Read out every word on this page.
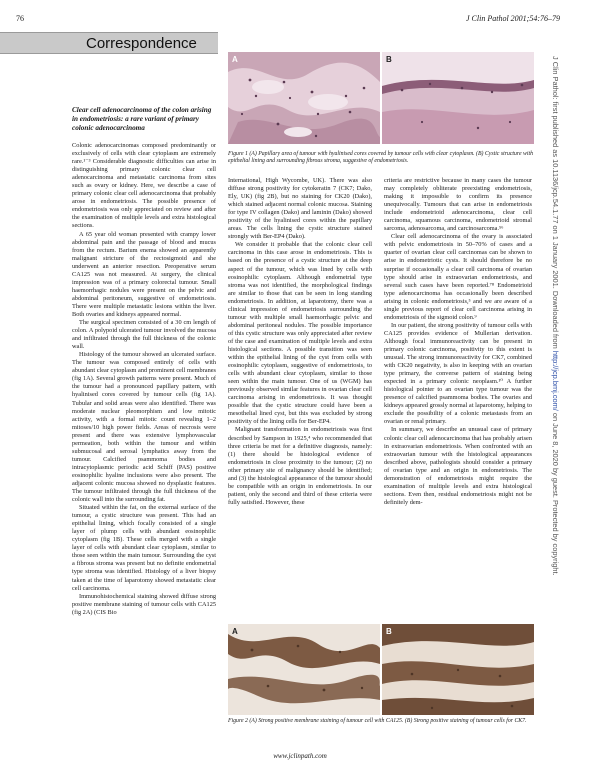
76	J Clin Pathol 2001;54:76–79
Correspondence
Clear cell adenocarcinoma of the colon arising in endometriosis: a rare variant of primary colonic adenocarcinoma
A	B
Figure 1 (A) Papillary area of tumour with hyalinised cores covered by tumour cells with clear cytoplasm. (B) Cystic structure with epithelial lining and surrounding fibrous stroma, suggestive of endometriosis.

Colonic adenocarcinomas composed predominantly or exclusively of cells with clear cytoplasm are extremely rare.¹⁻³ Considerable diagnostic difficulties can arise in distinguishing primary colonic clear cell adenocarcinoma and metastatic carcinoma from sites such as ovary or kidney. Here, we describe a case of primary colonic clear cell adenocarcinoma that probably arose in endometriosis. The possible presence of endometriosis was only appreciated on review and after the examination of multiple levels and extra histological sections.

A 65 year old woman presented with crampy lower abdominal pain and the passage of blood and mucus from the rectum. Barium enema showed an apparently malignant stricture of the rectosigmoid and she underwent an anterior resection. Preoperative serum CA125 was not measured. At surgery, the clinical impression was of a primary colorectal tumour. Small haemorrhagic nodules were present on the pelvic and abdominal peritoneum, suggestive of endometriosis. There were multiple metastatic lesions within the liver. Both ovaries and kidneys appeared normal.

The surgical specimen consisted of a 30 cm length of colon. A polypoid ulcerated tumour involved the mucosa and infiltrated through the full thickness of the colonic wall.

Histology of the tumour showed an ulcerated surface. The tumour was composed entirely of cells with abundant clear cytoplasm and prominent cell membranes (fig 1A). Several growth patterns were present. Much of the tumour had a pronounced papillary pattern, with hyalinised cores covered by tumour cells (fig 1A). Tubular and solid areas were also identified. There was moderate nuclear pleomorphism and low mitotic activity, with a formal mitotic count revealing 1–2 mitoses/10 high power fields. Areas of necrosis were present and there was extensive lymphovascular permeation, both within the tumour and within submucosal and serosal lymphatics away from the tumour. Calcified psammoma bodies and intracytoplasmic periodic acid Schiff (PAS) positive eosinophilic hyaline inclusions were also present. The adjacent colonic mucosa showed no dysplastic features. The tumour infiltrated through the full thickness of the colonic wall into the surrounding fat.

Situated within the fat, on the external surface of the tumour, a cystic structure was present. This had an epithelial lining, which focally consisted of a single layer of plump cells with abundant eosinophilic cytoplasm (fig 1B). These cells merged with a single layer of cells with abundant clear cytoplasm, similar to those seen within the main tumour. Surrounding the cyst a fibrous stroma was present but no definite endometrial type stroma was identified. Histology of a liver biopsy taken at the time of laparotomy showed metastatic clear cell carcinoma.

Immunohistochemical staining showed diffuse strong positive membrane staining of tumour cells with CA125 (fig 2A) (CIS Bio

International, High Wycombe, UK). There was also diffuse strong positivity for cytokeratin 7 (CK7; Dako, Ely, UK) (fig 2B), but no staining for CK20 (Dako), which stained adjacent normal colonic mucosa. Staining for type IV collagen (Dako) and laminin (Dako) showed positivity of the hyalinised cores within the papillary areas. The cells lining the cystic structure stained strongly with Ber-EP4 (Dako).

We consider it probable that the colonic clear cell carcinoma in this case arose in endometriosis. This is based on the presence of a cystic structure at the deep aspect of the tumour, which was lined by cells with eosinophilic cytoplasm. Although endometrial type stroma was not identified, the morphological findings are similar to those that can be seen in long standing endometriosis. In addition, at laparotomy, there was a clinical impression of endometriosis surrounding the tumour with multiple small haemorrhagic pelvic and abdominal peritoneal nodules. The possible importance of this cystic structure was only appreciated after review of the case and examination of multiple levels and extra histological sections. A possible transition was seen within the epithelial lining of the cyst from cells with eosinophilic cytoplasm, suggestive of endometriosis, to cells with abundant clear cytoplasm, similar to those seen within the main tumour. One of us (WGM) has previously observed similar features in ovarian clear cell carcinoma arising in endometriosis. It was thought possible that the cystic structure could have been a mesothelial lined cyst, but this was excluded by strong positivity of the lining cells for Ber-EP4.

Malignant transformation in endometriosis was first described by Sampson in 1925,⁴ who recommended that three criteria be met for a definitive diagnosis, namely: (1) there should be histological evidence of endometriosis in close proximity to the tumour; (2) no other primary site of malignancy should be identified; and (3) the histological appearance of the tumour should be compatible with an origin in endometriosis. In our patient, only the second and third of these criteria were fully satisfied. However, these

criteria are restrictive because in many cases the tumour may completely obliterate preexisting endometriosis, making it impossible to confirm its presence unequivocally. Tumours that can arise in endometriosis include endometrioid adenocarcinoma, clear cell carcinoma, squamous carcinoma, endometrioid stromal sarcoma, adenosarcoma, and carcinosarcoma.⁵⁶

Clear cell adenocarcinoma of the ovary is associated with pelvic endometriosis in 50–70% of cases and a quarter of ovarian clear cell carcinomas can be shown to arise in endometriotic cysts. It should therefore be no surprise if occasionally a clear cell carcinoma of ovarian type should arise in extraovarian endometriosis, and several such cases have been reported.⁷⁸ Endometrioid type adenocarcinoma has occasionally been described arising in colonic endometriosis,⁵ and we are aware of a single previous report of clear cell carcinoma arising in endometriosis of the sigmoid colon.⁹

In our patient, the strong positivity of tumour cells with CA125 provides evidence of Mullerian derivation. Although focal immunoreactivity can be present in primary colonic carcinoma, positivity to this extent is unusual. The strong immunoreactivity for CK7, combined with CK20 negativity, is also in keeping with an ovarian type primary, the converse pattern of staining being expected in a primary colonic neoplasm.¹⁰ A further histological pointer to an ovarian type tumour was the presence of calcified psammoma bodies. The ovaries and kidneys appeared grossly normal at laparotomy, helping to exclude the possibility of a colonic metastasis from an ovarian or renal primary.

In summary, we describe an unusual case of primary colonic clear cell adenocarcinoma that has probably arisen in extraovarian endometriosis. When confronted with an extraovarian tumour with the histological appearances described above, pathologists should consider a primary of ovarian type and an origin in endometriosis. The demonstration of endometriosis might require the examination of multiple levels and extra histological sections. Even then, residual endometriosis might not be definitely dem-

A	B
Figure 2 (A) Strong positive membrane staining of tumour cell with CA125. (B) Strong positive staining of tumour cells for CK7.
www.jclinpath.com
J Clin Pathol: first published as 10.1136/jcp.54.1.77 on 1 January 2001. Downloaded from http://jcp.bmj.com/ on June 8, 2020 by guest. Protected by copyright.
